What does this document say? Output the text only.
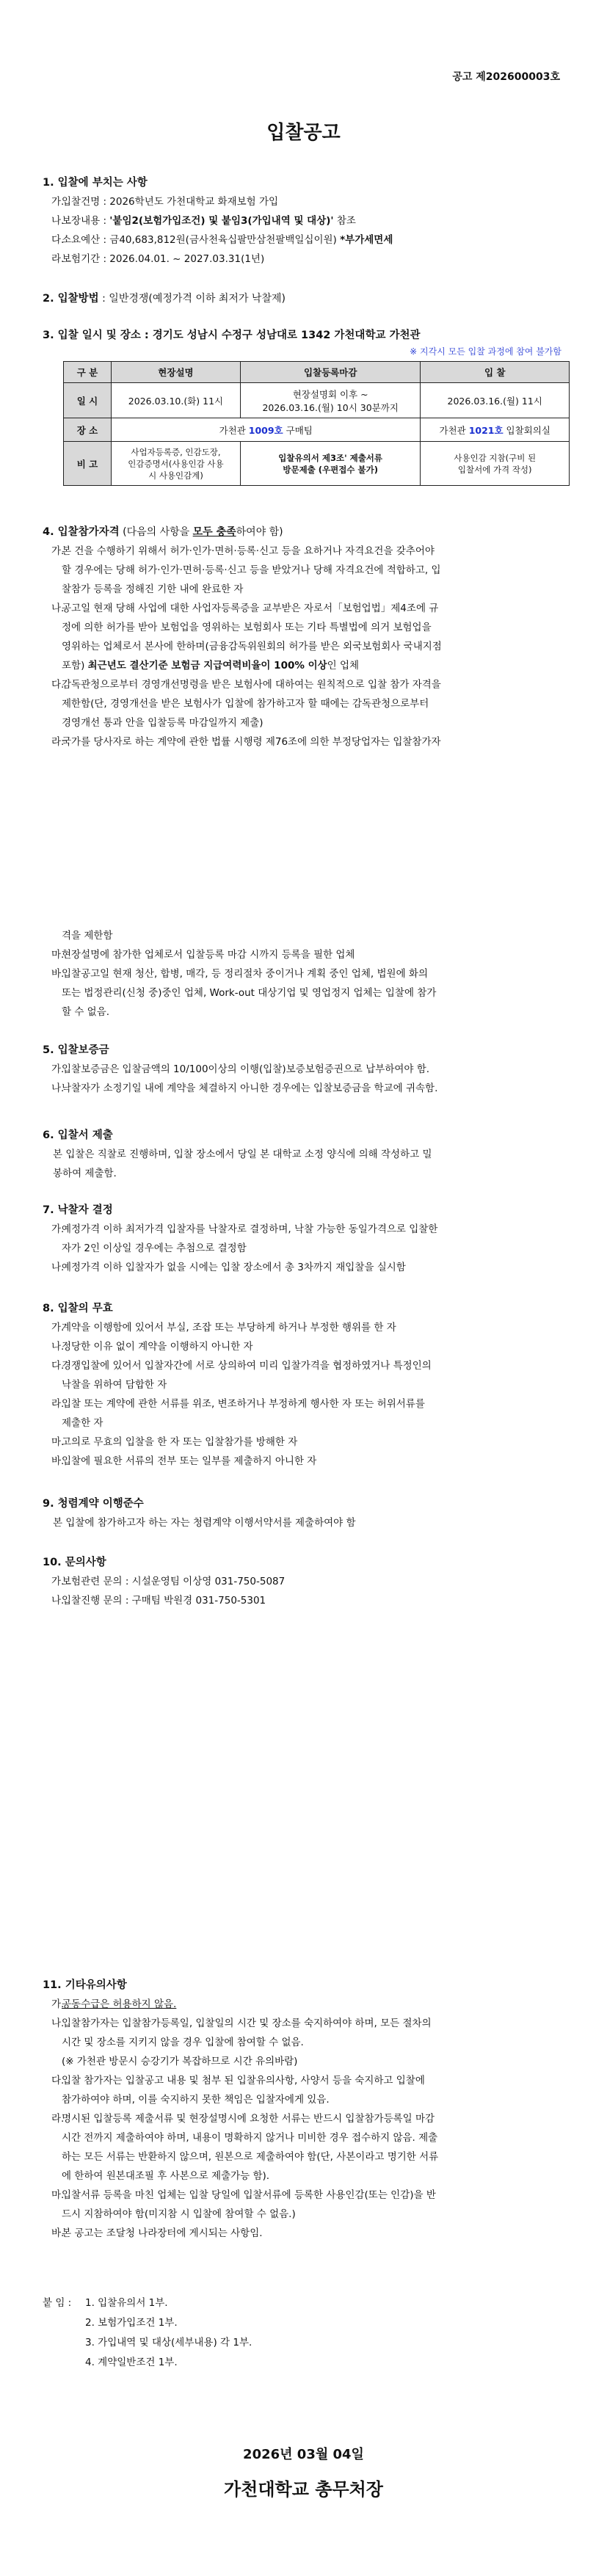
공고 제202600003호
입찰공고
1. 입찰에 부치는 사항
가.
입찰건명 : 2026학년도 가천대학교 화재보험 가입
나.
보장내용 : '붙임2(보험가입조건) 및 붙임3(가입내역 및 대상)' 참조
다.
소요예산 : 금40,683,812원(금사천육십팔만삼천팔백일십이원) *부가세면세
라.
보험기간 : 2026.04.01. ~ 2027.03.31(1년)
2. 입찰방법 : 일반경쟁(예정가격 이하 최저가 낙찰제)
3. 입찰 일시 및 장소 : 경기도 성남시 수정구 성남대로 1342 가천대학교 가천관
※ 지각시 모든 입찰 과정에 참여 불가함
구 분	현장설명	입찰등록마감	입 찰
일 시	2026.03.10.(화) 11시	현장설명회 이후 ~
2026.03.16.(월) 10시 30분까지	2026.03.16.(월) 11시
장 소	가천관 1009호 구매팀		가천관 1021호 입찰회의실
비 고	사업자등록증, 인감도장,
인감증명서(사용인감 사용
시 사용인감계)	입찰유의서 제3조' 제출서류
방문제출 (우편접수 불가)	사용인감 지참(구비 된
입찰서에 가격 작성)
4. 입찰참가자격 (다음의 사항을 모두 충족하여야 함)
가.
본 건을 수행하기 위해서 허가·인가·면허·등록·신고 등을 요하거나 자격요건을 갖추어야
할 경우에는 당해 허가·인가·면허·등록·신고 등을 받았거나 당해 자격요건에 적합하고, 입
찰참가 등록을 정해진 기한 내에 완료한 자
나.
공고일 현재 당해 사업에 대한 사업자등록증을 교부받은 자로서「보험업법」제4조에 규
정에 의한 허가를 받아 보험업을 영위하는 보험회사 또는 기타 특별법에 의거 보험업을
영위하는 업체로서 본사에 한하며(금융감독위원회의 허가를 받은 외국보험회사 국내지점
포함) 최근년도 결산기준 보험금 지급여력비율이 100% 이상인 업체
다.
감독관청으로부터 경영개선명령을 받은 보험사에 대하여는 원칙적으로 입찰 참가 자격을
제한함(단, 경영개선을 받은 보험사가 입찰에 참가하고자 할 때에는 감독관청으로부터
경영개선 통과 안을 입찰등록 마감일까지 제출)
라.
국가를 당사자로 하는 계약에 관한 법률 시행령 제76조에 의한 부정당업자는 입찰참가자
격을 제한함
마.
현장설명에 참가한 업체로서 입찰등록 마감 시까지 등록을 필한 업체
바.
입찰공고일 현재 청산, 합병, 매각, 등 정리절차 중이거나 계획 중인 업체, 법원에 화의
또는 법정관리(신청 중)중인 업체, Work-out 대상기업 및 영업정지 업체는 입찰에 참가
할 수 없음.
5. 입찰보증금
가.
입찰보증금은 입찰금액의 10/100이상의 이행(입찰)보증보험증권으로 납부하여야 함.
나.
낙찰자가 소정기일 내에 계약을 체결하지 아니한 경우에는 입찰보증금을 학교에 귀속함.
6. 입찰서 제출
본 입찰은 직찰로 진행하며, 입찰 장소에서 당일 본 대학교 소정 양식에 의해 작성하고 밀
봉하여 제출함.
7. 낙찰자 결정
가.
예정가격 이하 최저가격 입찰자를 낙찰자로 결정하며, 낙찰 가능한 동일가격으로 입찰한
자가 2인 이상일 경우에는 추첨으로 결정함
나.
예정가격 이하 입찰자가 없을 시에는 입찰 장소에서 총 3차까지 재입찰을 실시함
8. 입찰의 무효
가.
계약을 이행함에 있어서 부실, 조잡 또는 부당하게 하거나 부정한 행위를 한 자
나.
정당한 이유 없이 계약을 이행하지 아니한 자
다.
경쟁입찰에 있어서 입찰자간에 서로 상의하여 미리 입찰가격을 협정하였거나 특정인의
낙찰을 위하여 담합한 자
라.
입찰 또는 계약에 관한 서류를 위조, 변조하거나 부정하게 행사한 자 또는 허위서류를
제출한 자
마.
고의로 무효의 입찰을 한 자 또는 입찰참가를 방해한 자
바.
입찰에 필요한 서류의 전부 또는 일부를 제출하지 아니한 자
9. 청렴계약 이행준수
본 입찰에 참가하고자 하는 자는 청렴계약 이행서약서를 제출하여야 함
10. 문의사항
가.
보험관련 문의 : 시설운영팀 이상영 031-750-5087
나.
입찰진행 문의 : 구매팀 박원경 031-750-5301
11. 기타유의사항
가.
공동수급은 허용하지 않음.
나.
입찰참가자는 입찰참가등록일, 입찰일의 시간 및 장소를 숙지하여야 하며, 모든 절차의
시간 및 장소를 지키지 않을 경우 입찰에 참여할 수 없음.
(※ 가천관 방문시 승강기가 복잡하므로 시간 유의바람)
다.
입찰 참가자는 입찰공고 내용 및 첨부 된 입찰유의사항, 사양서 등을 숙지하고 입찰에
참가하여야 하며, 이를 숙지하지 못한 책임은 입찰자에게 있음.
라.
명시된 입찰등록 제출서류 및 현장설명시에 요청한 서류는 반드시 입찰참가등록일 마감
시간 전까지 제출하여야 하며, 내용이 명확하지 않거나 미비한 경우 접수하지 않음. 제출
하는 모든 서류는 반환하지 않으며, 원본으로 제출하여야 함(단, 사본이라고 명기한 서류
에 한하여 원본대조필 후 사본으로 제출가능 함).
마.
입찰서류 등록을 마친 업체는 입찰 당일에 입찰서류에 등록한 사용인감(또는 인감)을 반
드시 지참하여야 함(미지참 시 입찰에 참여할 수 없음.)
바.
본 공고는 조달청 나라장터에 게시되는 사항임.
붙 임 : 1. 입찰유의서 1부.
2. 보험가입조건 1부.
3. 가입내역 및 대상(세부내용) 각 1부.
4. 계약일반조건 1부.
2026년 03월 04일
가천대학교 총무처장
